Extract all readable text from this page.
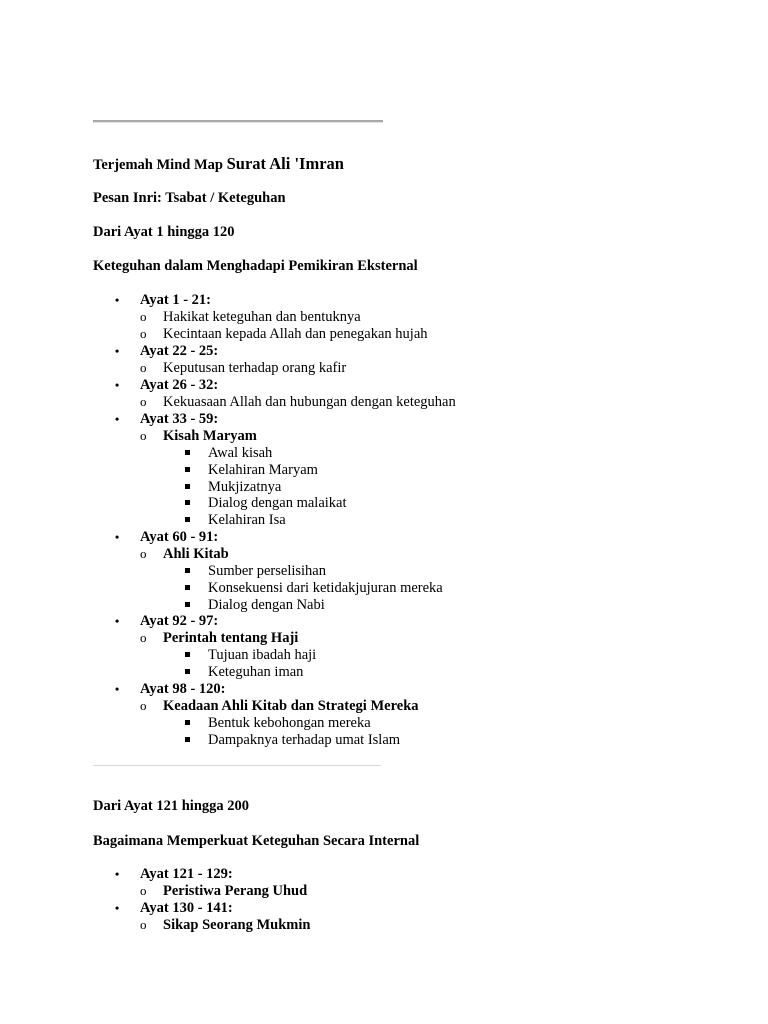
Terjemah Mind Map Surat Ali 'Imran
Pesan Inri: Tsabat / Keteguhan
Dari Ayat 1 hingga 120
Keteguhan dalam Menghadapi Pemikiran Eksternal
• Ayat 1 - 21:
o Hakikat keteguhan dan bentuknya
o Kecintaan kepada Allah dan penegakan hujah
• Ayat 22 - 25:
o Keputusan terhadap orang kafir
• Ayat 26 - 32:
o Kekuasaan Allah dan hubungan dengan keteguhan
• Ayat 33 - 59:
o Kisah Maryam
Awal kisah
Kelahiran Maryam
Mukjizatnya
Dialog dengan malaikat
Kelahiran Isa
• Ayat 60 - 91:
o Ahli Kitab
Sumber perselisihan
Konsekuensi dari ketidakjujuran mereka
Dialog dengan Nabi
• Ayat 92 - 97:
o Perintah tentang Haji
Tujuan ibadah haji
Keteguhan iman
• Ayat 98 - 120:
o Keadaan Ahli Kitab dan Strategi Mereka
Bentuk kebohongan mereka
Dampaknya terhadap umat Islam
Dari Ayat 121 hingga 200
Bagaimana Memperkuat Keteguhan Secara Internal
• Ayat 121 - 129:
o Peristiwa Perang Uhud
• Ayat 130 - 141:
o Sikap Seorang Mukmin
